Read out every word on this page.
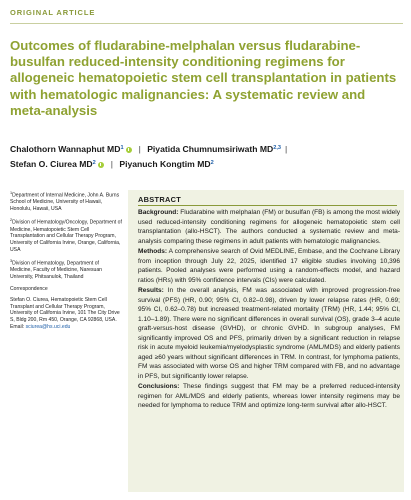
ORIGINAL ARTICLE
Outcomes of fludarabine-melphalan versus fludarabine-busulfan reduced-intensity conditioning regimens for allogeneic hematopoietic stem cell transplantation in patients with hematologic malignancies: A systematic review and meta-analysis
Chalothorn Wannaphut $MD^1$ | Piyatida Chumnumsiriwath MD$^{2,3}$ |
Stefan O. Ciurea $MD^2$ | Piyanuch Kongtim $MD^2$

$^1$Department of Internal Medicine, John A. Burns School of Medicine, University of Hawaii, Honolulu, Hawaii, USA

$^2$Division of Hematology/Oncology, Department of Medicine, Hematopoietic Stem Cell Transplantation and Cellular Therapy Program, University of California Irvine, Orange, California, USA

$^3$Division of Hematology, Department of Medicine, Faculty of Medicine, Naresuan University, Phitsanulok, Thailand

Correspondence

Stefan O. Ciurea, Hematopoietic Stem Cell Transplant and Cellular Therapy Program, University of California Irvine, 101 The City Drive S, Bldg 200, Rm 450, Orange, CA 92868, USA.
Email: sciurea@hs.uci.edu

ABSTRACT

Background: Fludarabine with melphalan (FM) or busulfan (FB) is among the most widely used reduced-intensity conditioning regimens for allogeneic hematopoietic stem cell transplantation (allo-HSCT). The authors conducted a systematic review and meta-analysis comparing these regimens in adult patients with hematologic malignancies.

Methods: A comprehensive search of Ovid MEDLINE, Embase, and the Cochrane Library from inception through July 22, 2025, identified 17 eligible studies involving 10,396 patients. Pooled analyses were performed using a random-effects model, and hazard ratios (HRs) with 95% confidence intervals (CIs) were calculated.

Results: In the overall analysis, FM was associated with improved progression-free survival (PFS) (HR, 0.90; 95% CI, 0.82–0.98), driven by lower relapse rates (HR, 0.69; 95% CI, 0.62–0.78) but increased treatment-related mortality (TRM) (HR, 1.44; 95% CI, 1.10–1.89). There were no significant differences in overall survival (OS), grade 3–4 acute graft-versus-host disease (GVHD), or chronic GVHD. In subgroup analyses, FM significantly improved OS and PFS, primarily driven by a significant reduction in relapse risk in acute myeloid leukemia/myelodysplastic syndrome (AML/MDS) and elderly patients aged ≥60 years without significant differences in TRM. In contrast, for lymphoma patients, FM was associated with worse OS and higher TRM compared with FB, and no advantage in PFS, but significantly lower relapse.

Conclusions: These findings suggest that FM may be a preferred reduced-intensity regimen for AML/MDS and elderly patients, whereas lower intensity regimens may be needed for lymphoma to reduce TRM and optimize long-term survival after allo-HSCT.
